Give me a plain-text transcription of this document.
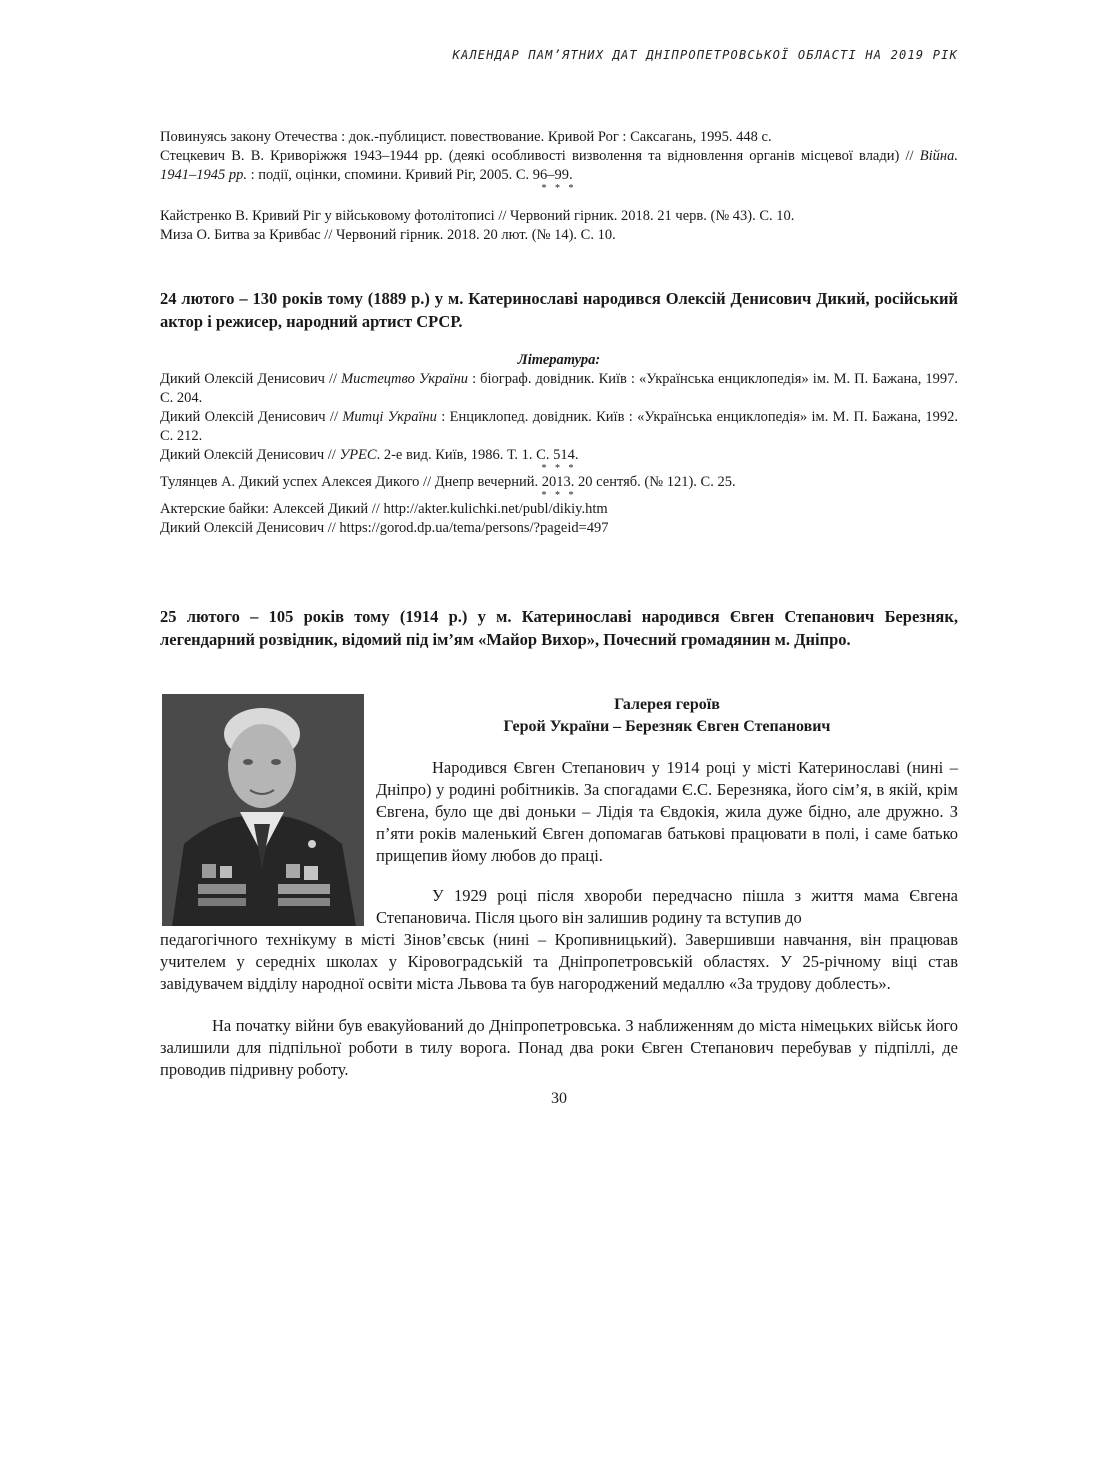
КАЛЕНДАР ПАМ’ЯТНИХ ДАТ ДНІПРОПЕТРОВСЬКОЇ ОБЛАСТІ НА 2019 РІК

Повинуясь закону Отечества : док.-публицист. повествование. Кривой Рог : Саксагань, 1995. 448 с.

Стецкевич В. В. Криворіжжя 1943–1944 рр. (деякі особливості визволення та відновлення органів місцевої влади) // Війна. 1941–1945 рр. : події, оцінки, спомини. Кривий Ріг, 2005. С. 96–99.

* * *

Кайстренко В. Кривий Ріг у військовому фотолітописі // Червоний гірник. 2018. 21 черв. (№ 43). С. 10.

Миза О. Битва за Кривбас // Червоний гірник. 2018. 20 лют. (№ 14). С. 10.

24 лютого – 130 років тому (1889 р.) у м. Катеринославі народився Олексій Денисович Дикий, російський актор і режисер, народний артист СРСР.

Література:

Дикий Олексій Денисович // Мистецтво України : біограф. довідник. Київ : «Українська енциклопедія» ім. М. П. Бажана, 1997. С. 204.

Дикий Олексій Денисович // Митці України : Енциклопед. довідник. Київ : «Українська енциклопедія» ім. М. П. Бажана, 1992. С. 212.

Дикий Олексій Денисович // УРЕС. 2-е вид. Київ, 1986. Т. 1. С. 514.

* * *

Тулянцев А. Дикий успех Алексея Дикого // Днепр вечерний. 2013. 20 сентяб. (№ 121). С. 25.

* * *

Актерские байки: Алексей Дикий // http://akter.kulichki.net/publ/dikiy.htm

Дикий Олексій Денисович // https://gorod.dp.ua/tema/persons/?pageid=497

25 лютого – 105 років тому (1914 р.) у м. Катеринославі народився Євген Степанович Березняк, легендарний розвідник, відомий під ім’ям «Майор Вихор», Почесний громадянин м. Дніпро.

Галерея героїв

Герой України – Березняк Євген Степанович

Народився Євген Степанович у 1914 році у місті Катеринославі (нині – Дніпро) у родині робітників. За спогадами Є.С. Березняка, його сім’я, в якій, крім Євгена, було ще дві доньки – Лідія та Євдокія, жила дуже бідно, але дружно. З п’яти років маленький Євген допомагав батькові працювати в полі, і саме батько прищепив йому любов до праці.

У 1929 році після хвороби передчасно пішла з життя мама Євгена Степановича. Після цього він залишив родину та вступив до

педагогічного технікуму в місті Зінов’євськ (нині – Кропивницький). Завершивши навчання, він працював учителем у середніх школах у Кіровоградській та Дніпропетровській областях. У 25-річному віці став завідувачем відділу народної освіти міста Львова та був нагороджений медаллю «За трудову доблесть».

На початку війни був евакуйований до Дніпропетровська. З наближенням до міста німецьких військ його залишили для підпільної роботи в тилу ворога. Понад два роки Євген Степанович перебував у підпіллі, де проводив підривну роботу.

30
